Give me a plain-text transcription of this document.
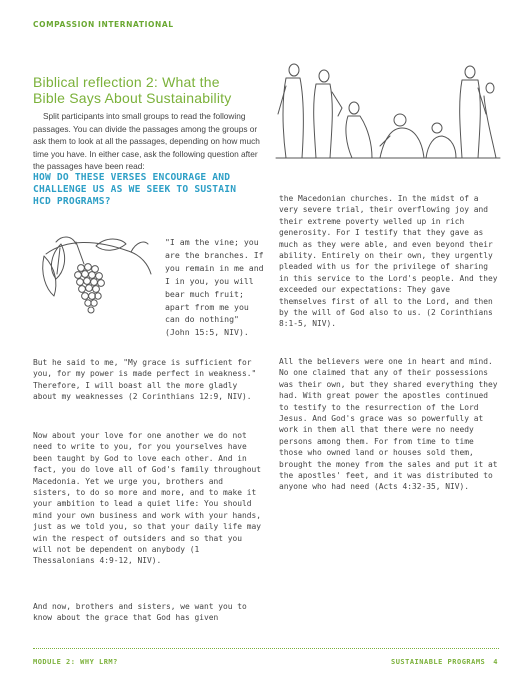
COMPASSION INTERNATIONAL
Biblical reflection 2: What the Bible Says About Sustainability
Split participants into small groups to read the following passages. You can divide the passages among the groups or ask them to look at all the passages, depending on how much time you have. In either case, ask the following question after the passages have been read:
HOW DO THESE VERSES ENCOURAGE AND CHALLENGE US AS WE SEEK TO SUSTAIN HCD PROGRAMS?
"I am the vine; you are the branches. If you remain in me and I in you, you will bear much fruit; apart from me you can do nothing" (John 15:5, NIV).
But he said to me, "My grace is sufficient for you, for my power is made perfect in weakness." Therefore, I will boast all the more gladly about my weaknesses (2 Corinthians 12:9, NIV).
Now about your love for one another we do not need to write to you, for you yourselves have been taught by God to love each other. And in fact, you do love all of God's family throughout Macedonia. Yet we urge you, brothers and sisters, to do so more and more, and to make it your ambition to lead a quiet life: You should mind your own business and work with your hands, just as we told you, so that your daily life may win the respect of outsiders and so that you will not be dependent on anybody (1 Thessalonians 4:9-12, NIV).
And now, brothers and sisters, we want you to know about the grace that God has given
the Macedonian churches. In the midst of a very severe trial, their overflowing joy and their extreme poverty welled up in rich generosity. For I testify that they gave as much as they were able, and even beyond their ability. Entirely on their own, they urgently pleaded with us for the privilege of sharing in this service to the Lord's people. And they exceeded our expectations: They gave themselves first of all to the Lord, and then by the will of God also to us. (2 Corinthians 8:1-5, NIV).
All the believers were one in heart and mind. No one claimed that any of their possessions was their own, but they shared everything they had. With great power the apostles continued to testify to the resurrection of the Lord Jesus. And God's grace was so powerfully at work in them all that there were no needy persons among them. For from time to time those who owned land or houses sold them, brought the money from the sales and put it at the apostles' feet, and it was distributed to anyone who had need (Acts 4:32-35, NIV).
MODULE 2: WHY LRM?	SUSTAINABLE PROGRAMS 4
